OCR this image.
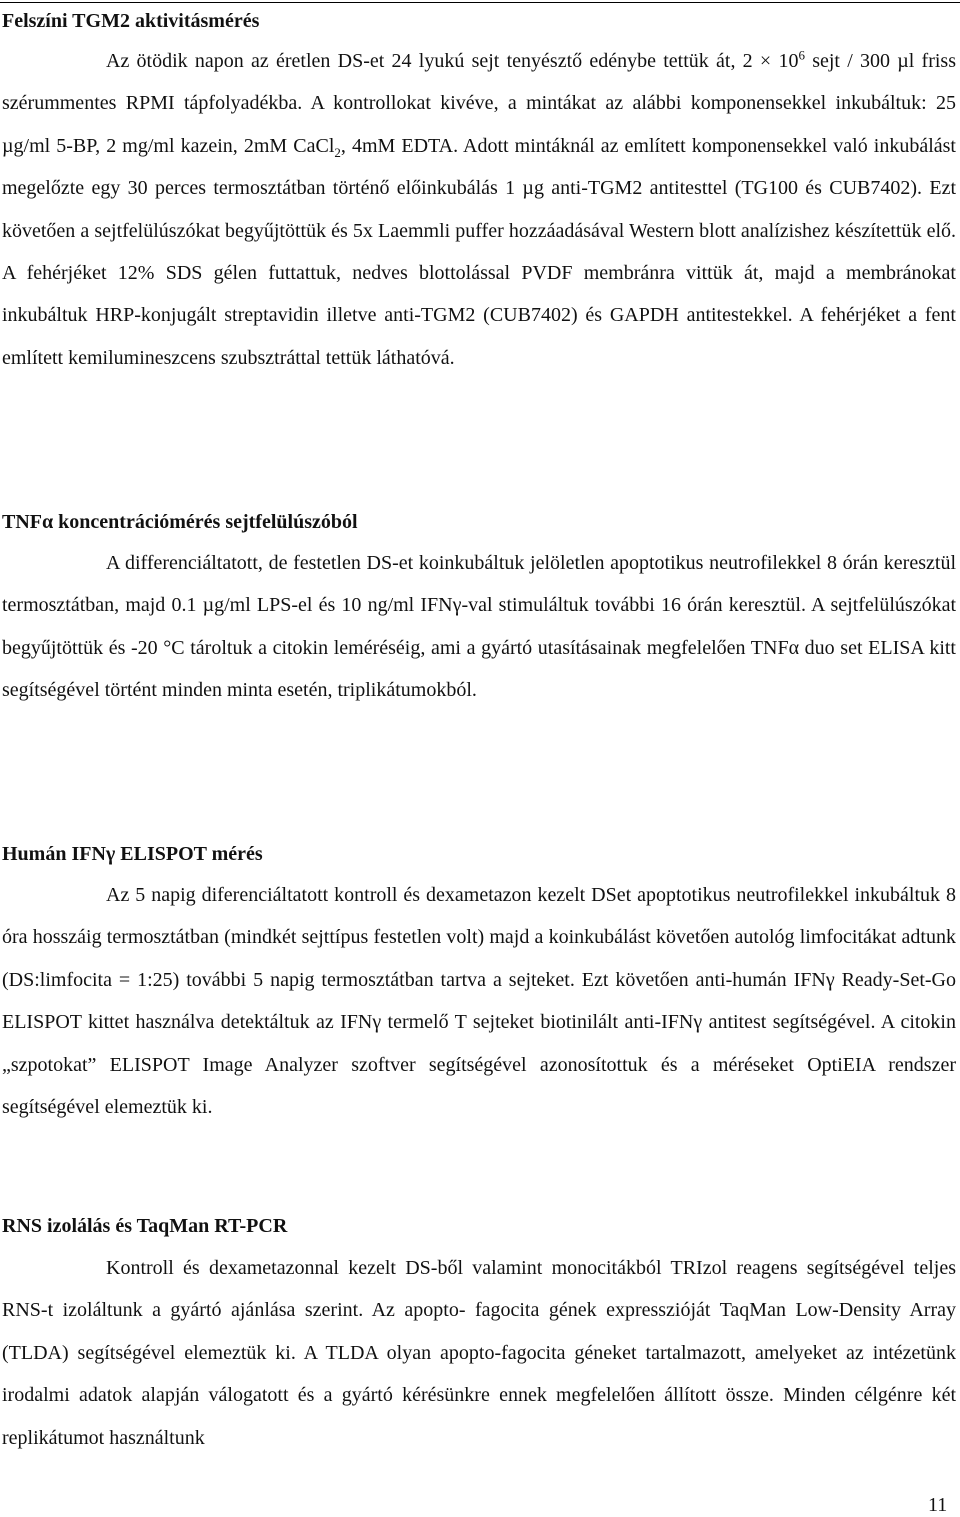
Felszíni TGM2 aktivitásmérés

Az ötödik napon az éretlen DS-et 24 lyukú sejt tenyésztő edénybe tettük át, $2 \times 10^6$ sejt / 300 µl friss szérummentes RPMI tápfolyadékba. A kontrollokat kivéve, a mintákat az alábbi komponensekkel inkubáltuk: 25 µg/ml 5-BP, 2 mg/ml kazein, 2mM CaCl$_2$, 4mM EDTA. Adott mintáknál az említett komponensekkel való inkubálást megelőzte egy 30 perces termosztátban történő előinkubálás 1 µg anti-TGM2 antitesttel (TG100 és CUB7402). Ezt követően a sejtfelülúszókat begyűjtöttük és 5x Laemmli puffer hozzáadásával Western blott analízishez készítettük elő. A fehérjéket 12% SDS gélen futtattuk, nedves blottolással PVDF membránra vittük át, majd a membránokat inkubáltuk HRP-konjugált streptavidin illetve anti-TGM2 (CUB7402) és GAPDH antitestekkel. A fehérjéket a fent említett kemilumineszcens szubsztráttal tettük láthatóvá.

TNFα koncentrációmérés sejtfelülúszóból

A differenciáltatott, de festetlen DS-et koinkubáltuk jelöletlen apoptotikus neutrofilekkel 8 órán keresztül termosztátban, majd 0.1 µg/ml LPS-el és 10 ng/ml IFNγ-val stimuláltuk további 16 órán keresztül. A sejtfelülúszókat begyűjtöttük és -20 °C tároltuk a citokin leméréséig, ami a gyártó utasításainak megfelelően TNFα duo set ELISA kitt segítségével történt minden minta esetén, triplikátumokból.

Humán IFNγ ELISPOT mérés

Az 5 napig diferenciáltatott kontroll és dexametazon kezelt DSet apoptotikus neutrofilekkel inkubáltuk 8 óra hosszáig termosztátban (mindkét sejttípus festetlen volt) majd a koinkubálást követően autológ limfocitákat adtunk (DS:limfocita = 1:25) további 5 napig termosztátban tartva a sejteket. Ezt követően anti-humán IFNγ Ready-Set-Go ELISPOT kittet használva detektáltuk az IFNγ termelő T sejteket biotinilált anti-IFNγ antitest segítségével. A citokin „szpotokat” ELISPOT Image Analyzer szoftver segítségével azonosítottuk és a méréseket OptiEIA rendszer segítségével elemeztük ki.

RNS izolálás és TaqMan RT-PCR

Kontroll és dexametazonnal kezelt DS-ből valamint monocitákból TRIzol reagens segítségével teljes RNS-t izoláltunk a gyártó ajánlása szerint. Az apopto- fagocita gének expresszióját TaqMan Low-Density Array (TLDA) segítségével elemeztük ki. A TLDA olyan apopto-fagocita géneket tartalmazott, amelyeket az intézetünk irodalmi adatok alapján válogatott és a gyártó kérésünkre ennek megfelelően állított össze. Minden célgénre két replikátumot használtunk

11
